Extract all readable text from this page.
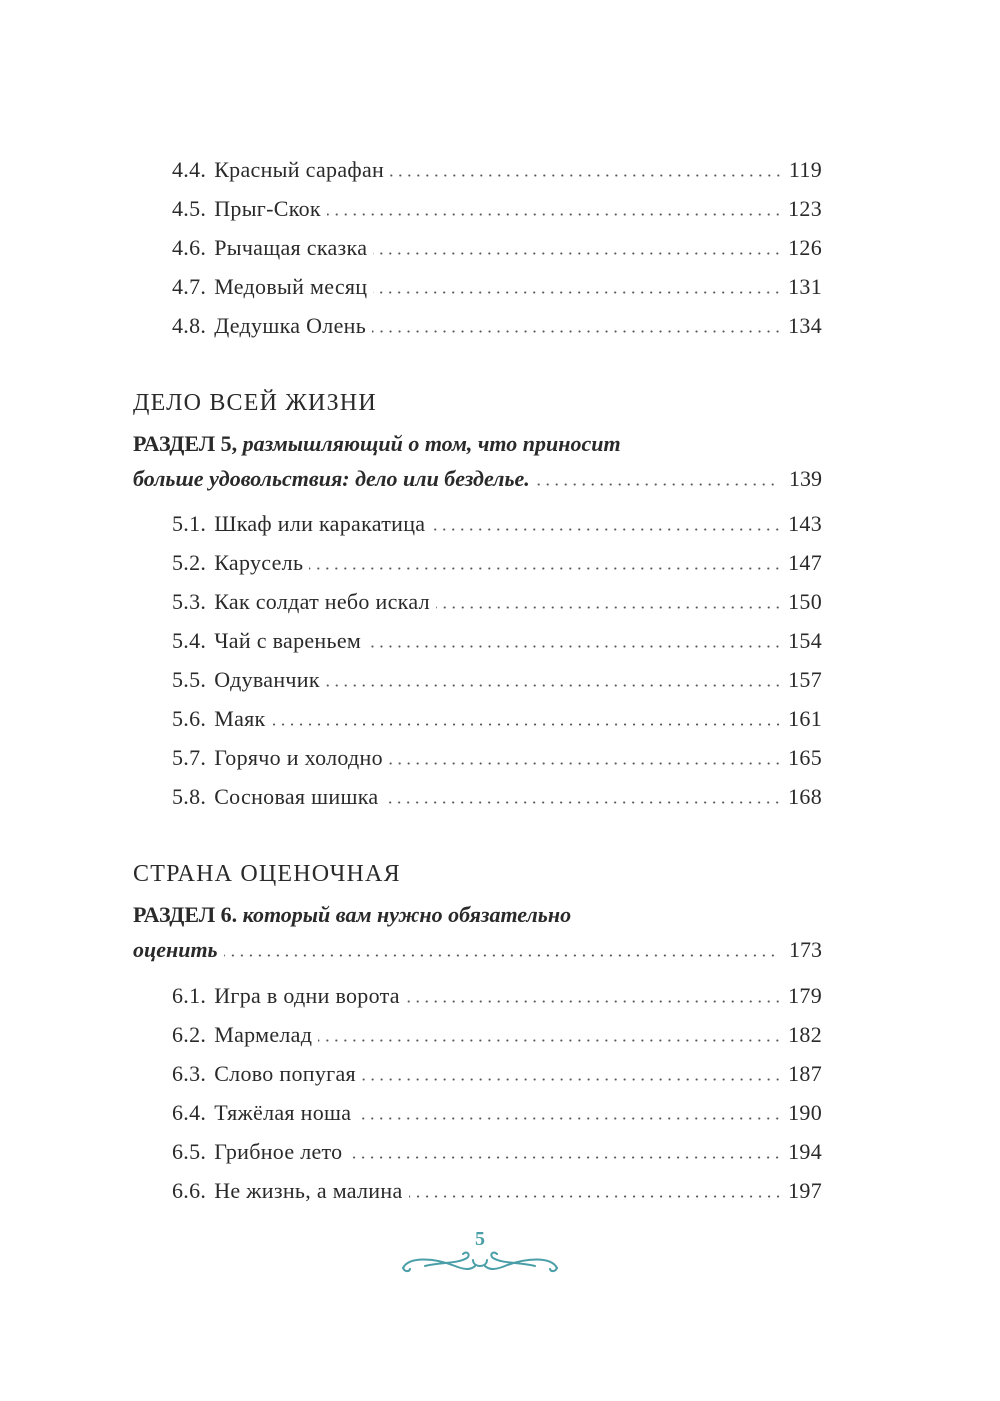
4.4. Красный сарафан	119
4.5. Прыг-Скок	123
4.6. Рычащая сказка	126
4.7. Медовый месяц	131
4.8. Дедушка Олень	134
ДЕЛО ВСЕЙ ЖИЗНИ
РАЗДЕЛ 5, размышляющий о том, что приносит
больше удовольствия: дело или безделье.	139
5.1. Шкаф или каракатица	143
5.2. Карусель	147
5.3. Как солдат небо искал	150
5.4. Чай с вареньем	154
5.5. Одуванчик	157
5.6. Маяк	161
5.7. Горячо и холодно	165
5.8. Сосновая шишка	168
СТРАНА ОЦЕНОЧНАЯ
РАЗДЕЛ 6. который вам нужно обязательно
оценить	173
6.1. Игра в одни ворота	179
6.2. Мармелад	182
6.3. Слово попугая	187
6.4. Тяжёлая ноша	190
6.5. Грибное лето	194
6.6. Не жизнь, а малина	197
5
